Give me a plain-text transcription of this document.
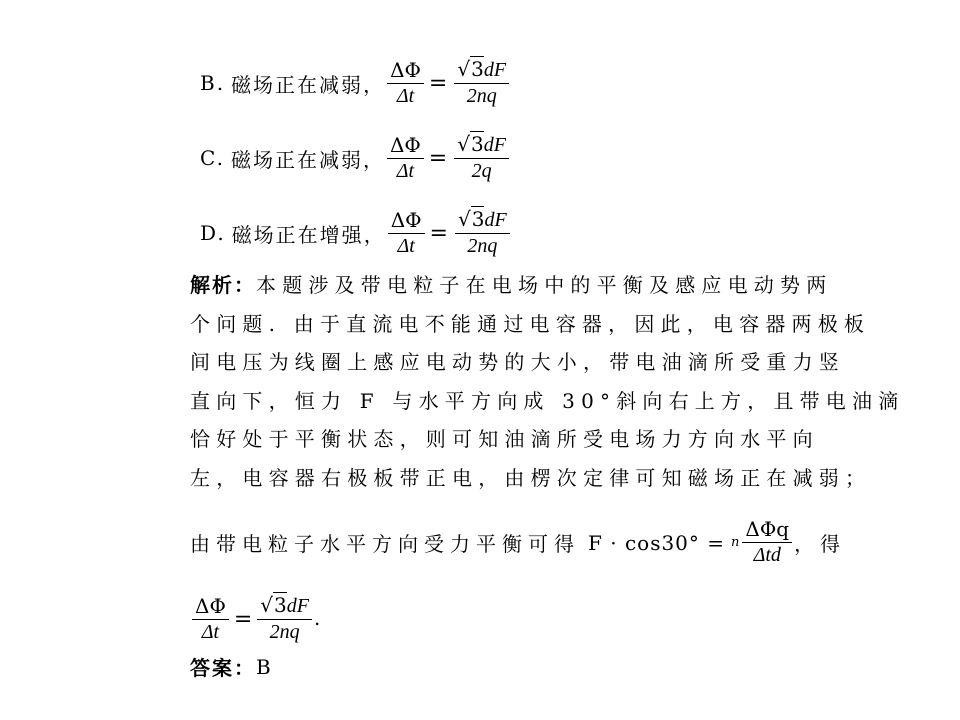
B. 磁场正在减弱 ， $\frac{\Delta\Phi}{\Delta t} = \frac{√3dF}{2nq}$
C. 磁场正在减弱 ， $\frac{\Delta\Phi}{\Delta t} = \frac{√3dF}{2q}$
D. 磁场正在增强 ， $\frac{\Delta\Phi}{\Delta t} = \frac{√3dF}{2nq}$
解析：本题涉及带电粒子在电场中的平衡及感应电动势两
个问题. 由于直流电不能通过电容器，因此，电容器两极板
间电压为线圈上感应电动势的大小，带电油滴所受重力竖
直向下，恒力 F 与水平方向成 30°斜向右上方，且带电油滴
恰好处于平衡状态，则可知油滴所受电场力方向水平向
左，电容器右极板带正电，由楞次定律可知磁场正在减弱；
由带电粒子水平方向受力平衡可得 F · cos30° = n $\frac{\text{ΔΦq}}{\text{Δtd}}$ ，得
$\frac{\Delta\Phi}{\Delta t} = \frac{√3dF}{2nq}$ .
答案 ： B
